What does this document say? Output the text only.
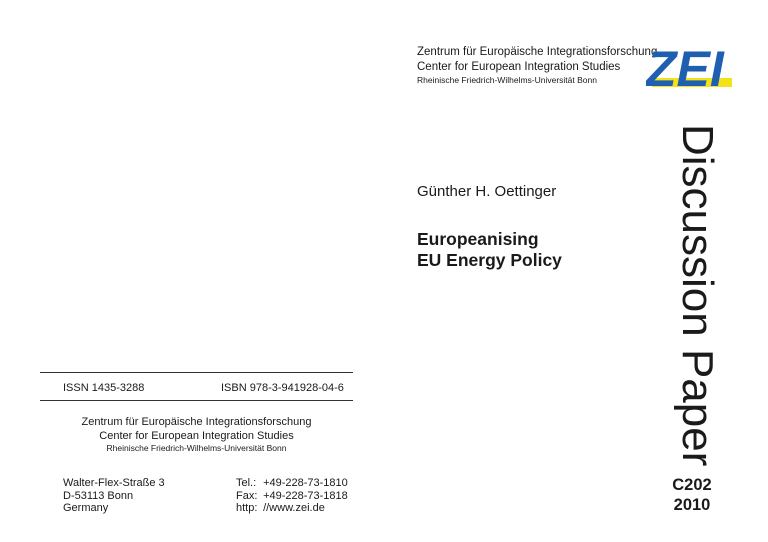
Zentrum für Europäische Integrationsforschung
Center for European Integration Studies
Rheinische Friedrich-Wilhelms-Universität Bonn ZEI
Günther H. Oettinger
Europeanising
EU Energy Policy	Discussion Paper
C202
2010
ISSN 1435-3288	ISBN 978-3-941928-04-6
Zentrum für Europäische Integrationsforschung
Center for European Integration Studies
Rheinische Friedrich-Wilhelms-Universität Bonn
Walter-Flex-Straße 3
D-53113 Bonn
Germany
Tel.: +49-228-73-1810
Fax: +49-228-73-1818
http: //www.zei.de
